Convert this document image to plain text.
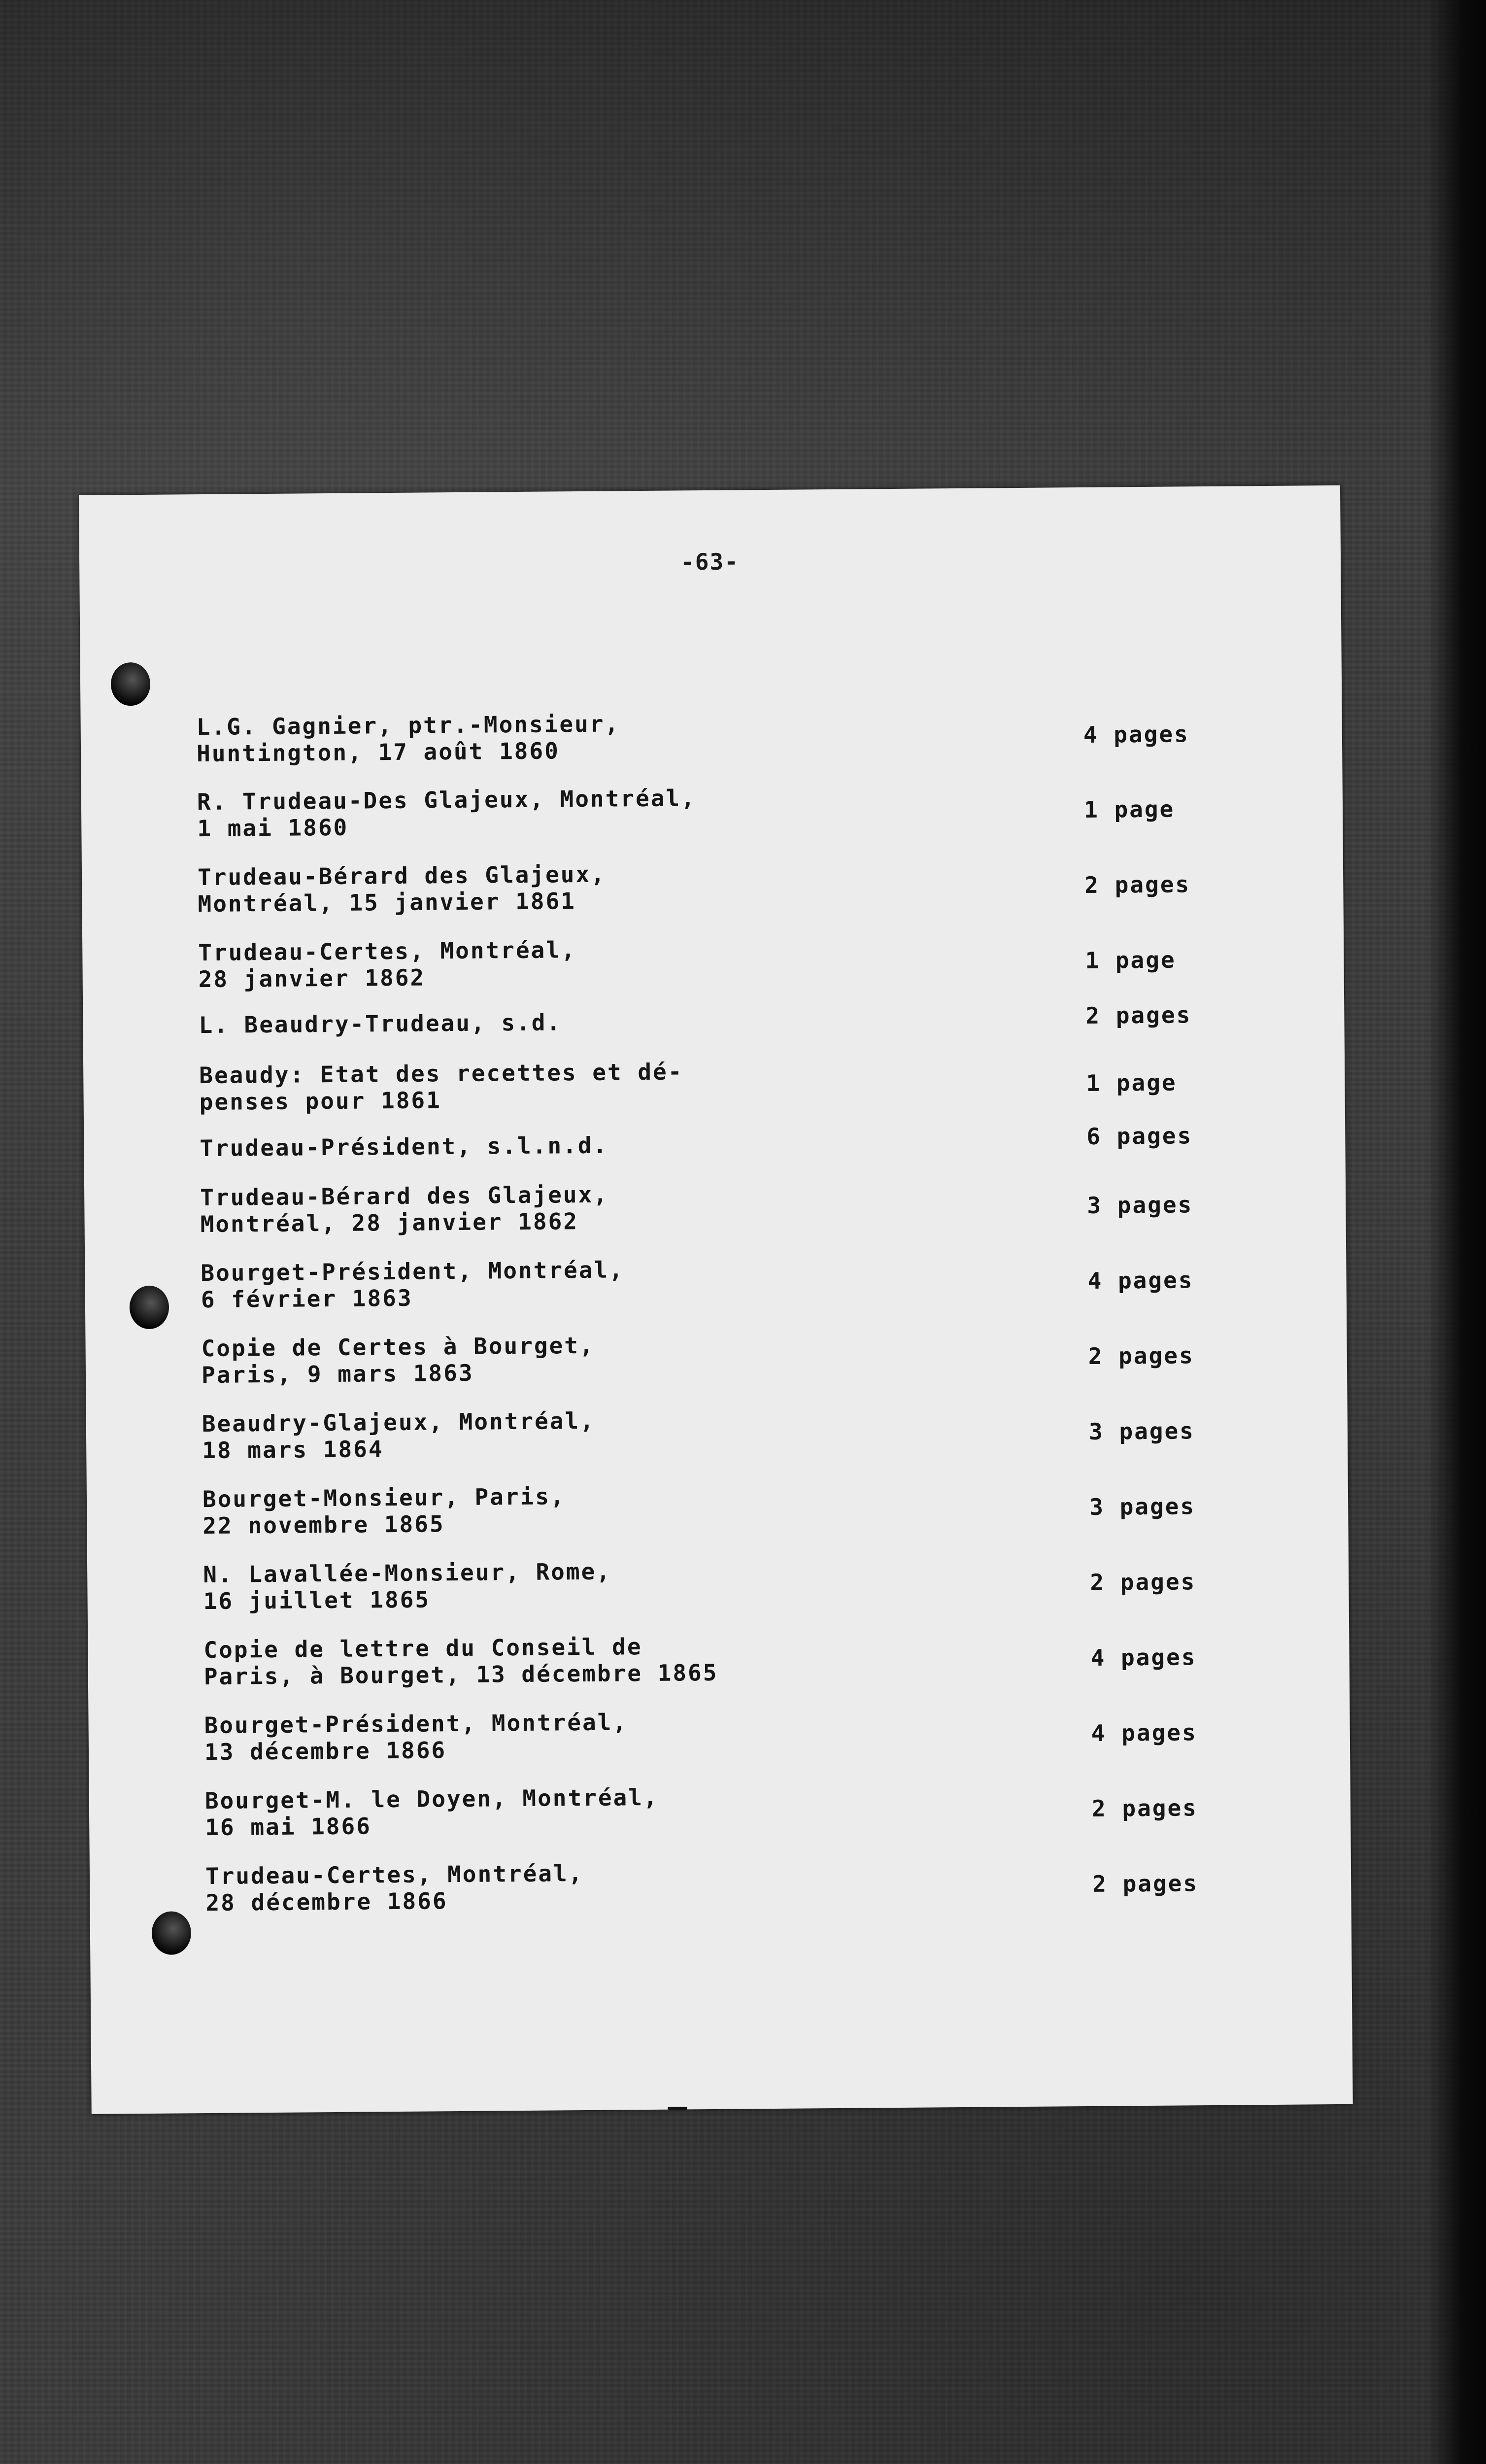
-63-
L.G. Gagnier, ptr.-Monsieur,
Huntington, 17 août 1860
4 pages
R. Trudeau-Des Glajeux, Montréal,
1 mai 1860
1 page
Trudeau-Bérard des Glajeux,
Montréal, 15 janvier 1861
2 pages
Trudeau-Certes, Montréal,
28 janvier 1862
1 page
L. Beaudry-Trudeau, s.d.	2 pages
Beaudy: Etat des recettes et dé-
penses pour 1861
1 page
Trudeau-Président, s.l.n.d.	6 pages
Trudeau-Bérard des Glajeux,
Montréal, 28 janvier 1862
3 pages
Bourget-Président, Montréal,
6 février 1863
4 pages
Copie de Certes à Bourget,
Paris, 9 mars 1863
2 pages
Beaudry-Glajeux, Montréal,
18 mars 1864
3 pages
Bourget-Monsieur, Paris,
22 novembre 1865
3 pages
N. Lavallée-Monsieur, Rome,
16 juillet 1865
2 pages
Copie de lettre du Conseil de
Paris, à Bourget, 13 décembre 1865
4 pages
Bourget-Président, Montréal,
13 décembre 1866
4 pages
Bourget-M. le Doyen, Montréal,
16 mai 1866
2 pages
Trudeau-Certes, Montréal,
28 décembre 1866
2 pages
